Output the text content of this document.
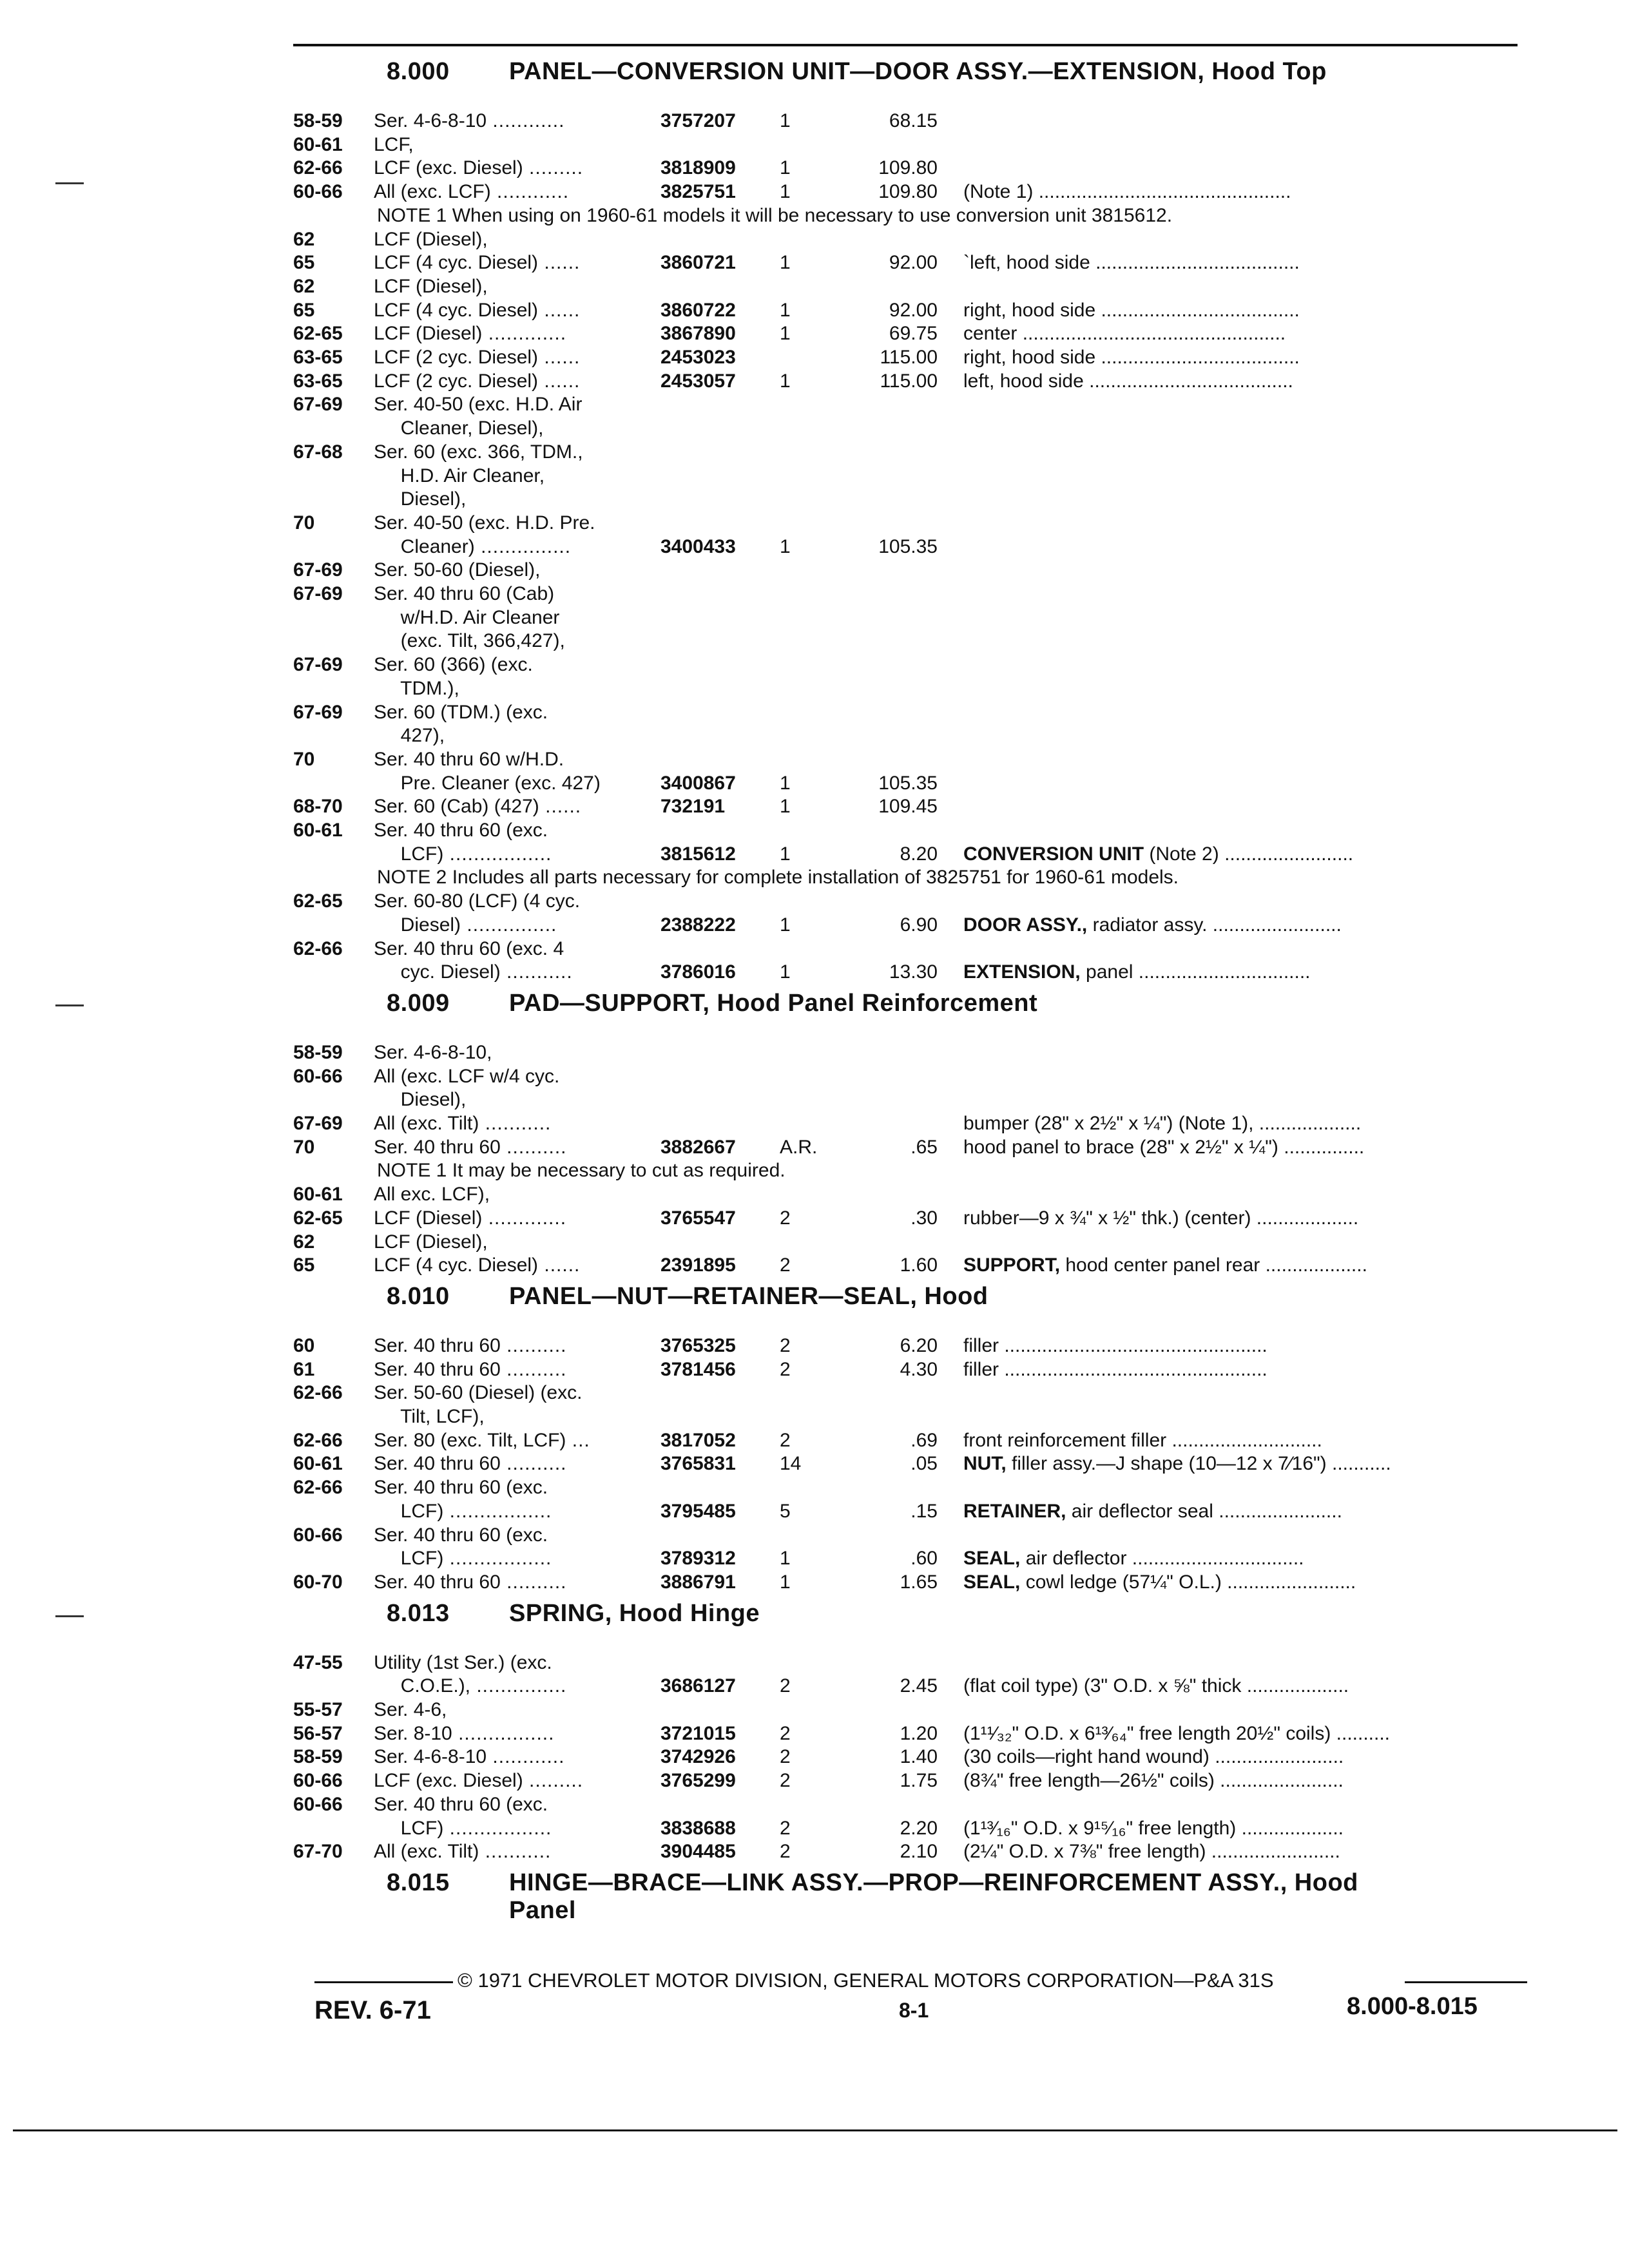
8.000 PANEL—CONVERSION UNIT—DOOR ASSY.—EXTENSION, Hood Top
58-59 Ser. 4-6-8-10 ............	3757207 1	68.15
60-61 LCF,
62-66 LCF (exc. Diesel) .........	3818909 1	109.80
60-66 All (exc. LCF) ............	3825751 1	109.80 (Note 1) ...............................................
NOTE 1 When using on 1960-61 models it will be necessary to use conversion unit 3815612.
62	LCF (Diesel),
65	LCF (4 cyc. Diesel) ......	3860721 1	92.00 `left, hood side ......................................
62	LCF (Diesel),
65	LCF (4 cyc. Diesel) ......	3860722 1	92.00 right, hood side .....................................
62-65 LCF (Diesel) .............	3867890 1	69.75 center .................................................
63-65 LCF (2 cyc. Diesel) ......	2453023	115.00 right, hood side .....................................
63-65 LCF (2 cyc. Diesel) ......	2453057 1	115.00 left, hood side ......................................
67-69 Ser. 40-50 (exc. H.D. Air
Cleaner, Diesel),
67-68 Ser. 60 (exc. 366, TDM.,
H.D. Air Cleaner,
Diesel),
70	Ser. 40-50 (exc. H.D. Pre.
Cleaner) ...............	3400433 1	105.35
67-69 Ser. 50-60 (Diesel),
67-69 Ser. 40 thru 60 (Cab)
w/H.D. Air Cleaner
(exc. Tilt, 366,427),
67-69 Ser. 60 (366) (exc.
TDM.),
67-69 Ser. 60 (TDM.) (exc.
427),
70	Ser. 40 thru 60 w/H.D.
Pre. Cleaner (exc. 427)	3400867 1	105.35
68-70 Ser. 60 (Cab) (427) ......	732191	1	109.45
60-61 Ser. 40 thru 60 (exc.
LCF) .................	3815612 1	8.20 CONVERSION UNIT (Note 2) ........................
NOTE 2 Includes all parts necessary for complete installation of 3825751 for 1960-61 models.
62-65 Ser. 60-80 (LCF) (4 cyc.
Diesel) ...............	2388222 1	6.90 DOOR ASSY., radiator assy. ........................
62-66 Ser. 40 thru 60 (exc. 4
cyc. Diesel) ...........	3786016 1	13.30 EXTENSION, panel ................................
8.009 PAD—SUPPORT, Hood Panel Reinforcement
58-59 Ser. 4-6-8-10,
60-66 All (exc. LCF w/4 cyc.
Diesel),
67-69 All (exc. Tilt) ...........	bumper (28" x 2½" x ¼") (Note 1), ...................
70	Ser. 40 thru 60 ..........	3882667 A.R.	.65 hood panel to brace (28" x 2½" x ¼") ...............
NOTE 1 It may be necessary to cut as required.
60-61 All exc. LCF),
62-65 LCF (Diesel) .............	3765547 2	.30 rubber—9 x ¾" x ½" thk.) (center) ...................
62	LCF (Diesel),
65	LCF (4 cyc. Diesel) ......	2391895 2	1.60 SUPPORT, hood center panel rear ...................
8.010 PANEL—NUT—RETAINER—SEAL, Hood
60	Ser. 40 thru 60 ..........	3765325 2	6.20 filler .................................................
61	Ser. 40 thru 60 ..........	3781456 2	4.30 filler .................................................
62-66 Ser. 50-60 (Diesel) (exc.
Tilt, LCF),
62-66 Ser. 80 (exc. Tilt, LCF) ...	3817052 2	.69 front reinforcement filler ............................
60-61 Ser. 40 thru 60 ..........	3765831 14	.05 NUT, filler assy.—J shape (10—12 x 7⁄16") ...........
62-66 Ser. 40 thru 60 (exc.
LCF) .................	3795485 5	.15 RETAINER, air deflector seal .......................
60-66 Ser. 40 thru 60 (exc.
LCF) .................	3789312 1	.60 SEAL, air deflector ................................
60-70 Ser. 40 thru 60 ..........	3886791 1	1.65 SEAL, cowl ledge (57¼" O.L.) ........................
8.013 SPRING, Hood Hinge
47-55 Utility (1st Ser.) (exc.
C.O.E.), ...............	3686127 2	2.45 (flat coil type) (3" O.D. x ⅝" thick ...................
55-57 Ser. 4-6,
56-57 Ser. 8-10 ................	3721015 2	1.20 (1¹¹⁄₃₂" O.D. x 6¹³⁄₆₄" free length 20½" coils) ..........
58-59 Ser. 4-6-8-10 ............	3742926 2	1.40 (30 coils—right hand wound) ........................
60-66 LCF (exc. Diesel) .........	3765299 2	1.75 (8¾" free length—26½" coils) .......................
60-66 Ser. 40 thru 60 (exc.
LCF) .................	3838688 2	2.20 (1¹³⁄₁₆" O.D. x 9¹⁵⁄₁₆" free length) ...................
67-70 All (exc. Tilt) ...........	3904485 2	2.10 (2¼" O.D. x 7⅜" free length) ........................
8.015 HINGE—BRACE—LINK ASSY.—PROP—REINFORCEMENT ASSY., Hood
Panel
© 1971 CHEVROLET MOTOR DIVISION, GENERAL MOTORS CORPORATION—P&A 31S
REV. 6-71	8-1	8.000-8.015
